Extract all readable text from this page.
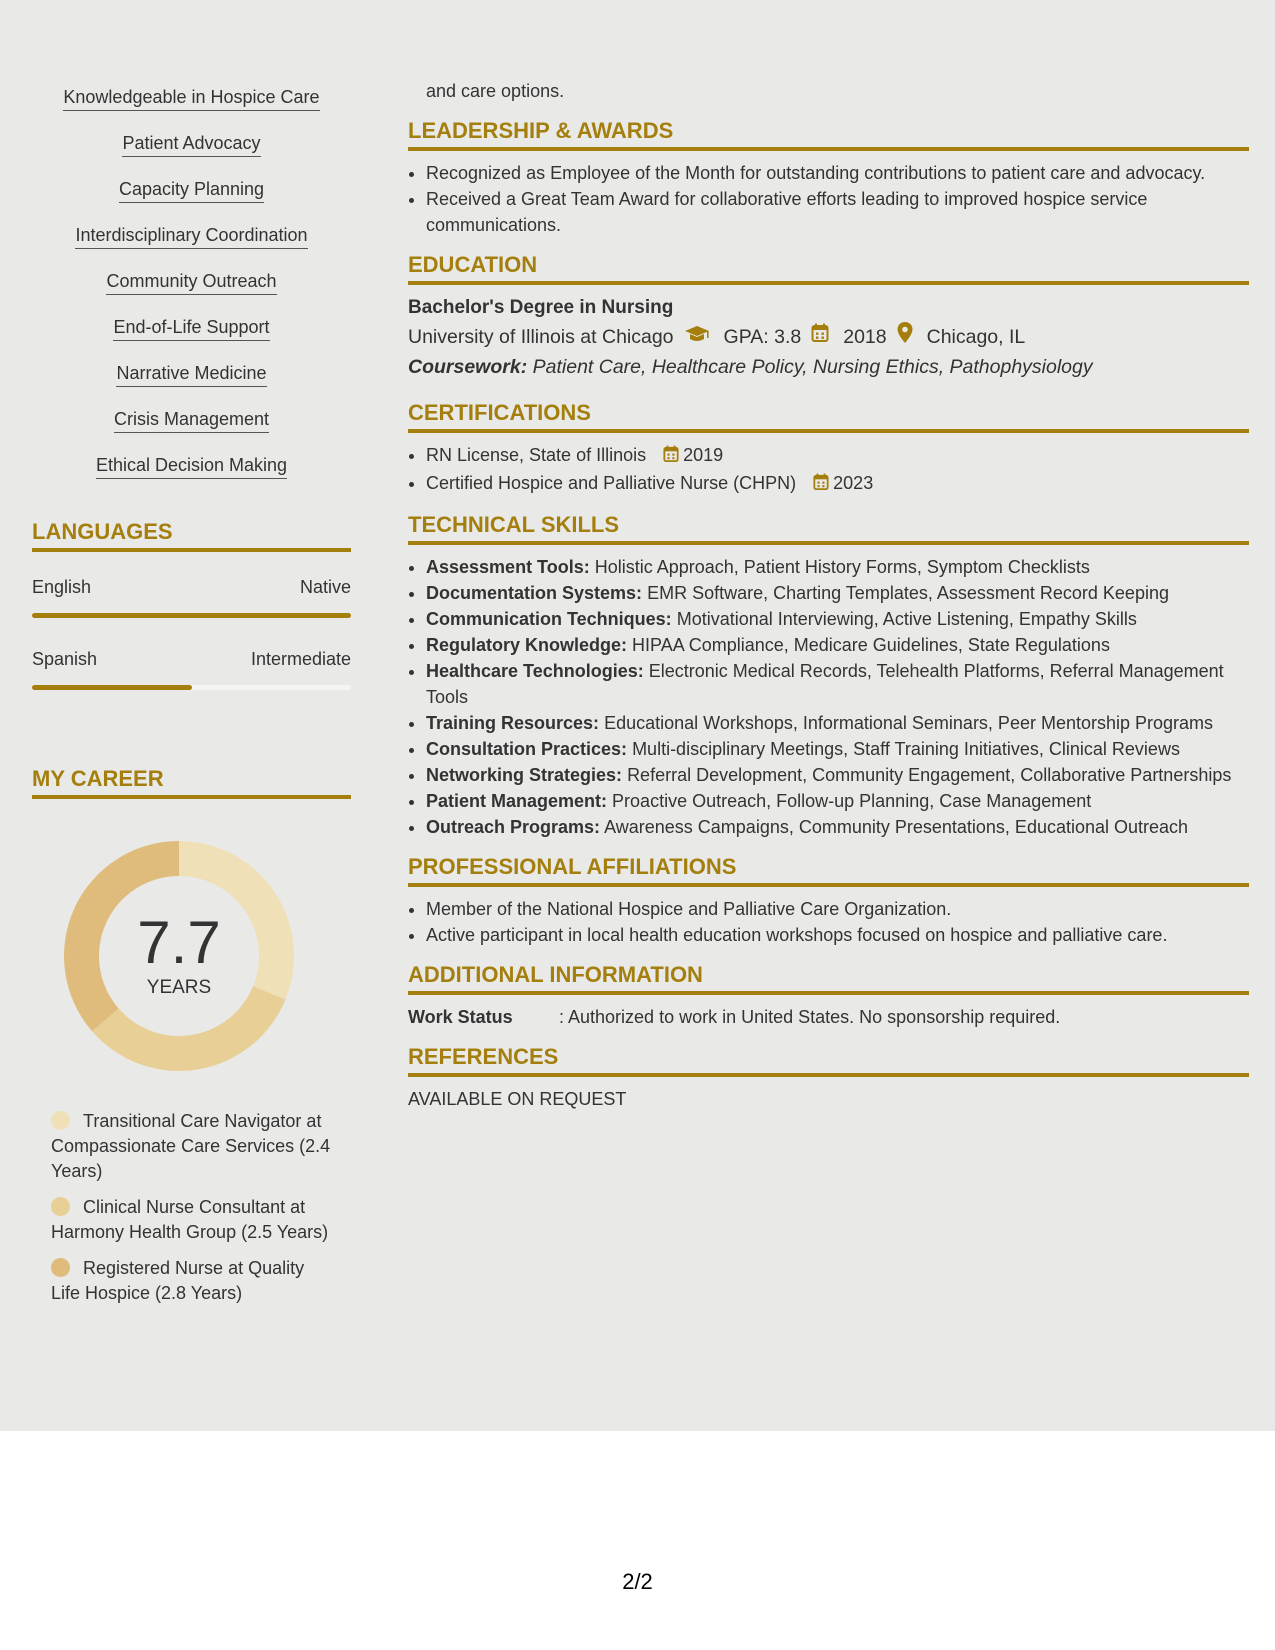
Knowledgeable in Hospice Care
Patient Advocacy
Capacity Planning
Interdisciplinary Coordination
Community Outreach
End-of-Life Support
Narrative Medicine
Crisis Management
Ethical Decision Making
LANGUAGES
English	Native
Spanish	Intermediate
MY CAREER
7.7
YEARS
Transitional Care Navigator at Compassionate Care Services (2.4 Years)
Clinical Nurse Consultant at Harmony Health Group (2.5 Years)
Registered Nurse at Quality Life Hospice (2.8 Years)
and care options.
LEADERSHIP & AWARDS
• Recognized as Employee of the Month for outstanding contributions to patient care and advocacy.
• Received a Great Team Award for collaborative efforts leading to improved hospice service communications.
EDUCATION
Bachelor's Degree in Nursing
University of Illinois at Chicago	GPA: 3.8 2018 Chicago, IL
Coursework: Patient Care, Healthcare Policy, Nursing Ethics, Pathophysiology
CERTIFICATIONS
• RN License, State of Illinois 2019
• Certified Hospice and Palliative Nurse (CHPN) 2023
TECHNICAL SKILLS
• Assessment Tools: Holistic Approach, Patient History Forms, Symptom Checklists
• Documentation Systems: EMR Software, Charting Templates, Assessment Record Keeping
• Communication Techniques: Motivational Interviewing, Active Listening, Empathy Skills
• Regulatory Knowledge: HIPAA Compliance, Medicare Guidelines, State Regulations
• Healthcare Technologies: Electronic Medical Records, Telehealth Platforms, Referral Management Tools
• Training Resources: Educational Workshops, Informational Seminars, Peer Mentorship Programs
• Consultation Practices: Multi-disciplinary Meetings, Staff Training Initiatives, Clinical Reviews
• Networking Strategies: Referral Development, Community Engagement, Collaborative Partnerships
• Patient Management: Proactive Outreach, Follow-up Planning, Case Management
• Outreach Programs: Awareness Campaigns, Community Presentations, Educational Outreach
PROFESSIONAL AFFILIATIONS
• Member of the National Hospice and Palliative Care Organization.
• Active participant in local health education workshops focused on hospice and palliative care.
ADDITIONAL INFORMATION
Work Status	: Authorized to work in United States. No sponsorship required.
REFERENCES
AVAILABLE ON REQUEST
2/2
